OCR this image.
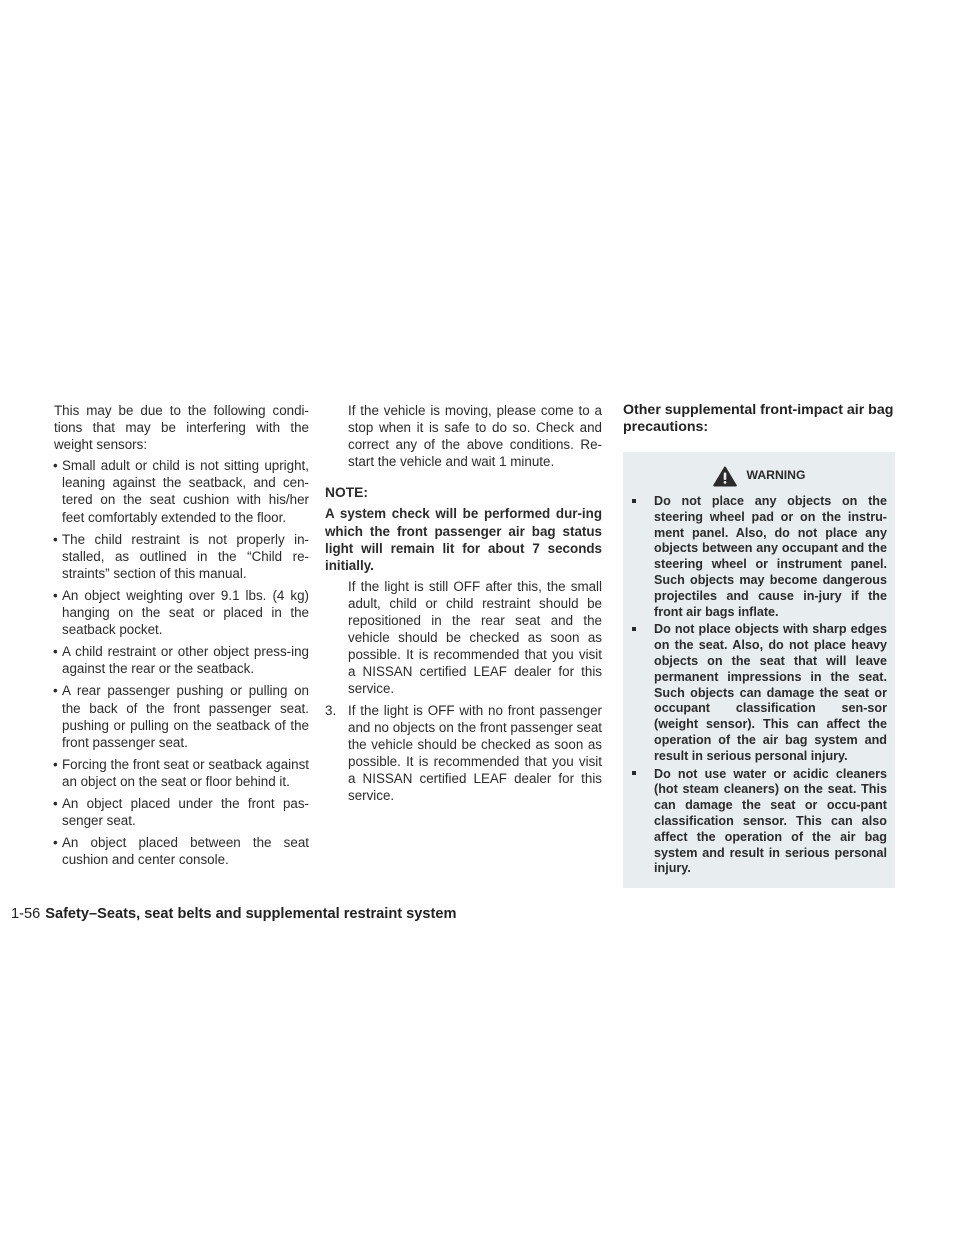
This may be due to the following condi-tions that may be interfering with the weight sensors:

• Small adult or child is not sitting upright, leaning against the seatback, and cen-tered on the seat cushion with his/her feet comfortably extended to the floor.

• The child restraint is not properly in-stalled, as outlined in the “Child re-straints” section of this manual.

• An object weighting over 9.1 lbs. (4 kg) hanging on the seat or placed in the seatback pocket.

• A child restraint or other object press-ing against the rear or the seatback.

• A rear passenger pushing or pulling on the back of the front passenger seat. pushing or pulling on the seatback of the front passenger seat.

• Forcing the front seat or seatback against an object on the seat or floor behind it.

• An object placed under the front pas-senger seat.

• An object placed between the seat cushion and center console.

If the vehicle is moving, please come to a stop when it is safe to do so. Check and correct any of the above conditions. Re-start the vehicle and wait 1 minute.

NOTE:

A system check will be performed dur-ing which the front passenger air bag status light will remain lit for about 7 seconds initially.

If the light is still OFF after this, the small adult, child or child restraint should be repositioned in the rear seat and the vehicle should be checked as soon as possible. It is recommended that you visit a NISSAN certified LEAF dealer for this service.

3. If the light is OFF with no front passenger and no objects on the front passenger seat the vehicle should be checked as soon as possible. It is recommended that you visit a NISSAN certified LEAF dealer for this service.

Other supplemental front-impact air bag precautions:

WARNING

Do not place any objects on the steering wheel pad or on the instru-ment panel. Also, do not place any objects between any occupant and the steering wheel or instrument panel. Such objects may become dangerous projectiles and cause in-jury if the front air bags inflate.

Do not place objects with sharp edges on the seat. Also, do not place heavy objects on the seat that will leave permanent impressions in the seat. Such objects can damage the seat or occupant classification sen-sor (weight sensor). This can affect the operation of the air bag system and result in serious personal injury.

Do not use water or acidic cleaners (hot steam cleaners) on the seat. This can damage the seat or occu-pant classification sensor. This can also affect the operation of the air bag system and result in serious personal injury.

1-56 Safety–Seats, seat belts and supplemental restraint system
